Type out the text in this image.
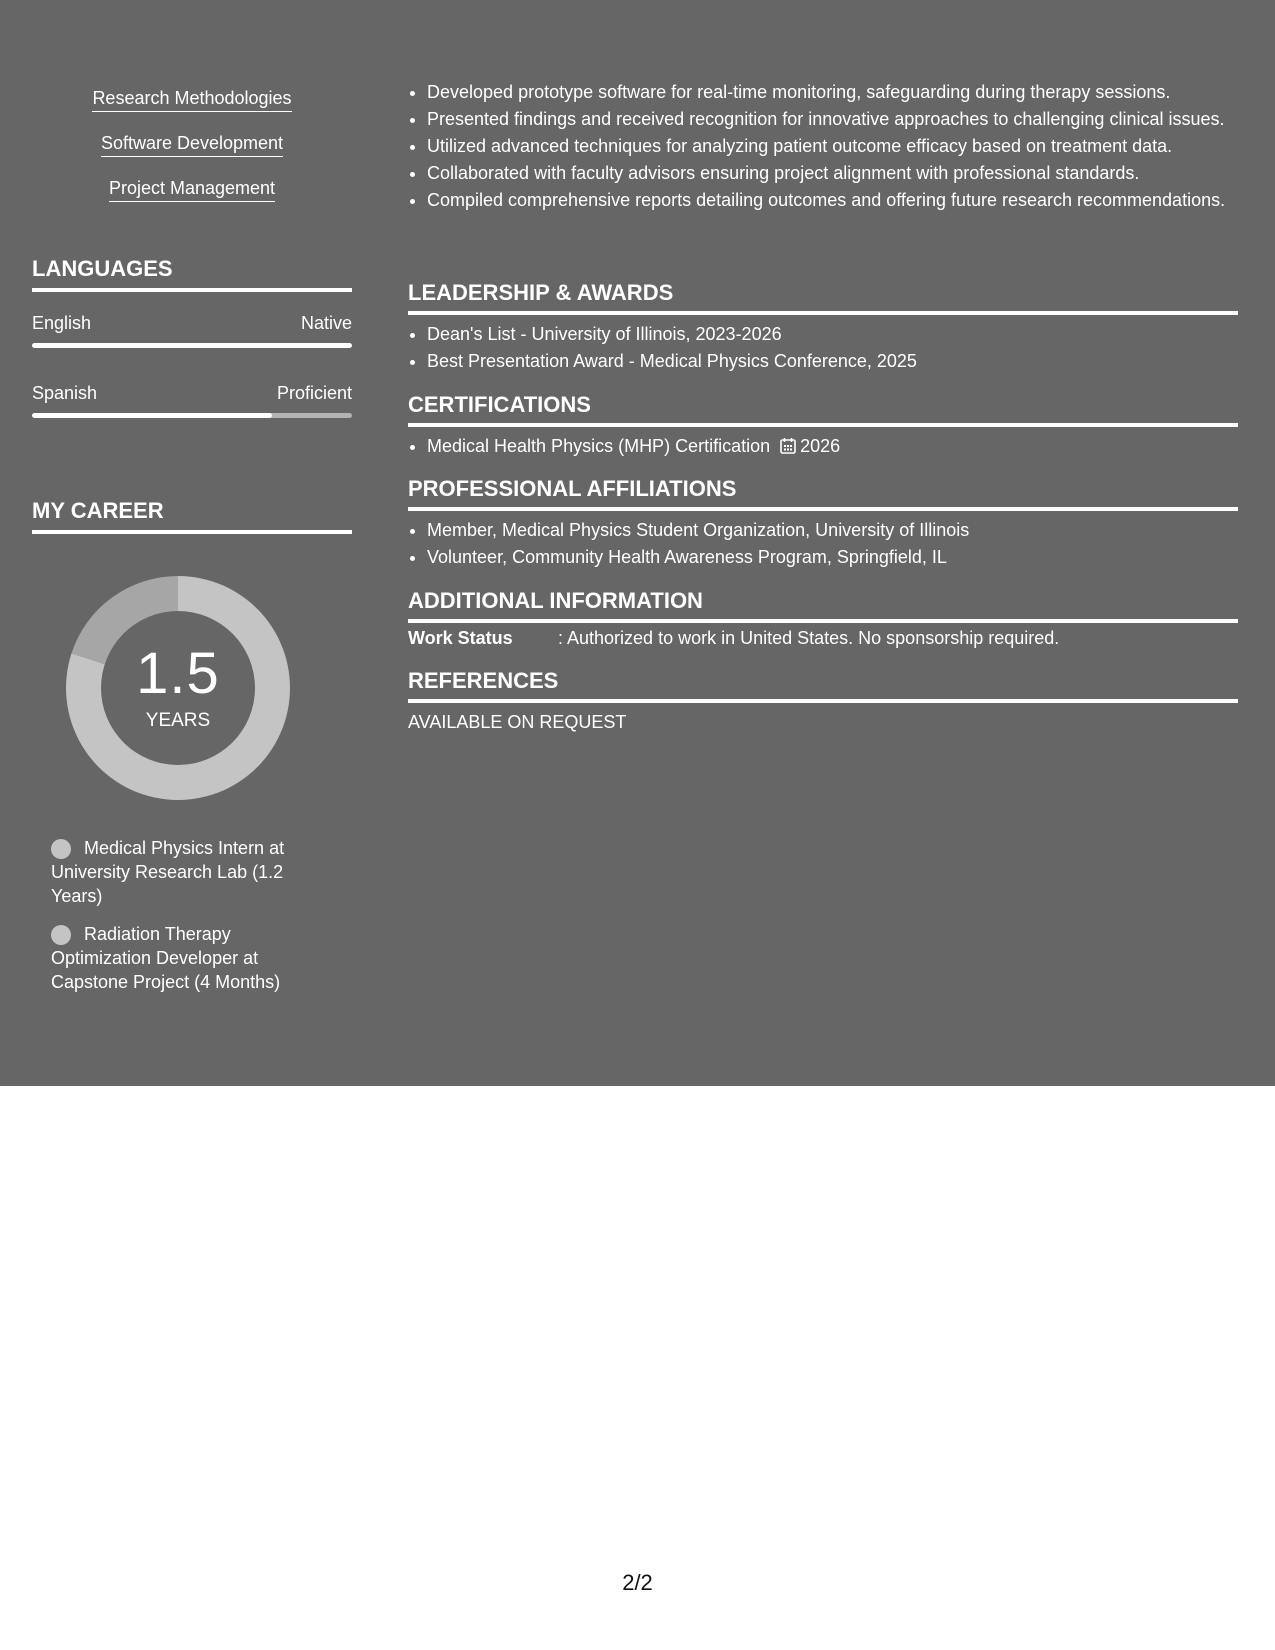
Research Methodologies
Software Development
Project Management
LANGUAGES
English	Native
Spanish	Proficient
MY CAREER
1.5
YEARS
Medical Physics Intern at University Research Lab (1.2 Years)
Radiation Therapy Optimization Developer at Capstone Project (4 Months)
• Developed prototype software for real-time monitoring, safeguarding during therapy sessions.
• Presented findings and received recognition for innovative approaches to challenging clinical issues.
• Utilized advanced techniques for analyzing patient outcome efficacy based on treatment data.
• Collaborated with faculty advisors ensuring project alignment with professional standards.
• Compiled comprehensive reports detailing outcomes and offering future research recommendations.
LEADERSHIP & AWARDS
• Dean's List - University of Illinois, 2023-2026
• Best Presentation Award - Medical Physics Conference, 2025
CERTIFICATIONS
• Medical Health Physics (MHP) Certification 2026
PROFESSIONAL AFFILIATIONS
• Member, Medical Physics Student Organization, University of Illinois
• Volunteer, Community Health Awareness Program, Springfield, IL
ADDITIONAL INFORMATION
Work Status	: Authorized to work in United States. No sponsorship required.
REFERENCES
AVAILABLE ON REQUEST
2/2
